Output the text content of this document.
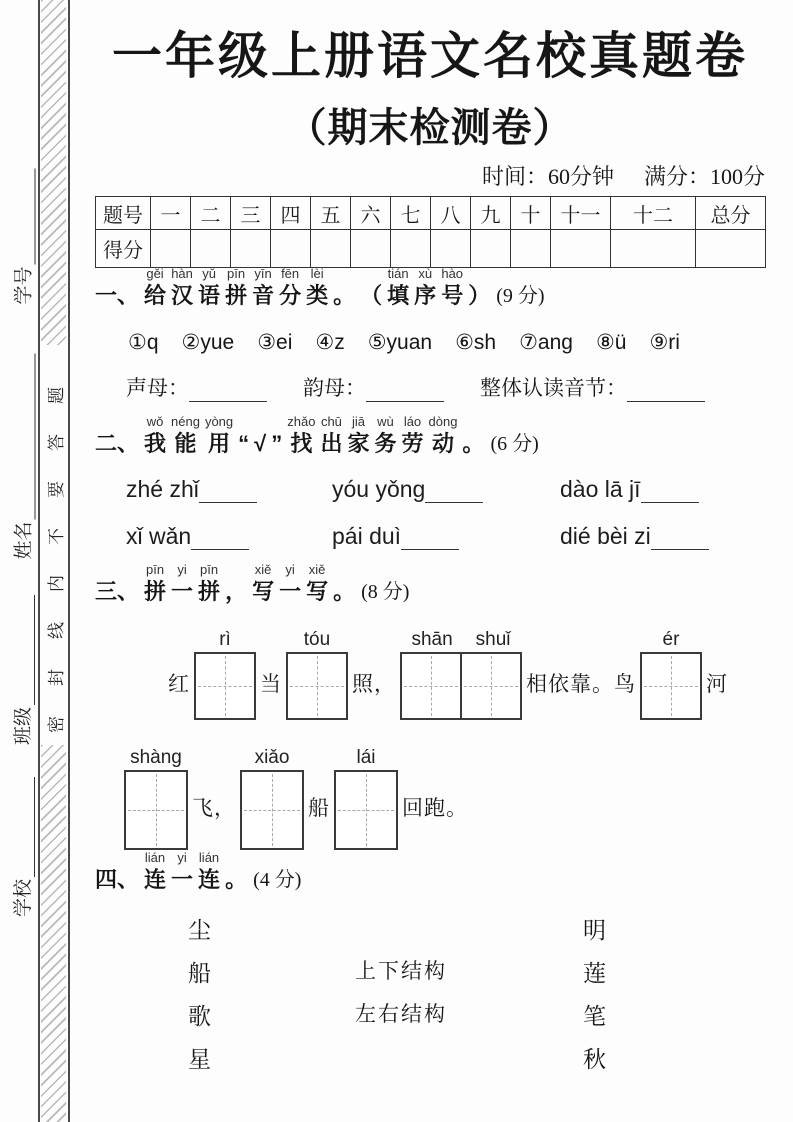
学号
姓名
班级
学校
密封线内不要答题
一年级上册语文名校真题卷
（期末检测卷）
时间：60分钟 满分：100分
题号	一	二	三	四	五	六	七	八	九	十	十一	十二	总分
得分													
一、
gěi
给
hàn
汉
yǔ
语
pīn
拼
yīn
音
fēn
分
lèi
类 。 （
tián
填
xù
序
hào
号 ） (9 分)
①q ②yue ③ei ④z ⑤yuan ⑥sh ⑦ang ⑧ü ⑨ri
声母：	韵母：	整体认读音节：
二、
wǒ
我
néng
能
yòng
用 “ √ ”
zhǎo
找
chū
出
jiā
家
wù
务
láo
劳
dòng
动 。 (6 分)
zhé zhǐ	yóu yǒng	dào lā jī
xǐ wǎn	pái duì	dié bèi zi
三、
pīn
拼
yi
一
pīn
拼 ，
xiě
写
yi
一
xiě
写 。 (8 分)
红
rì
当
tóu
照，
shān shuǐ
相依靠。鸟
ér
河
shàng
飞，
xiǎo
船
lái
回跑。
四、
lián
连
yi
一
lián
连 。 (4 分)
尘	明
船	上下结构	莲
歌	左右结构	笔
星	秋
